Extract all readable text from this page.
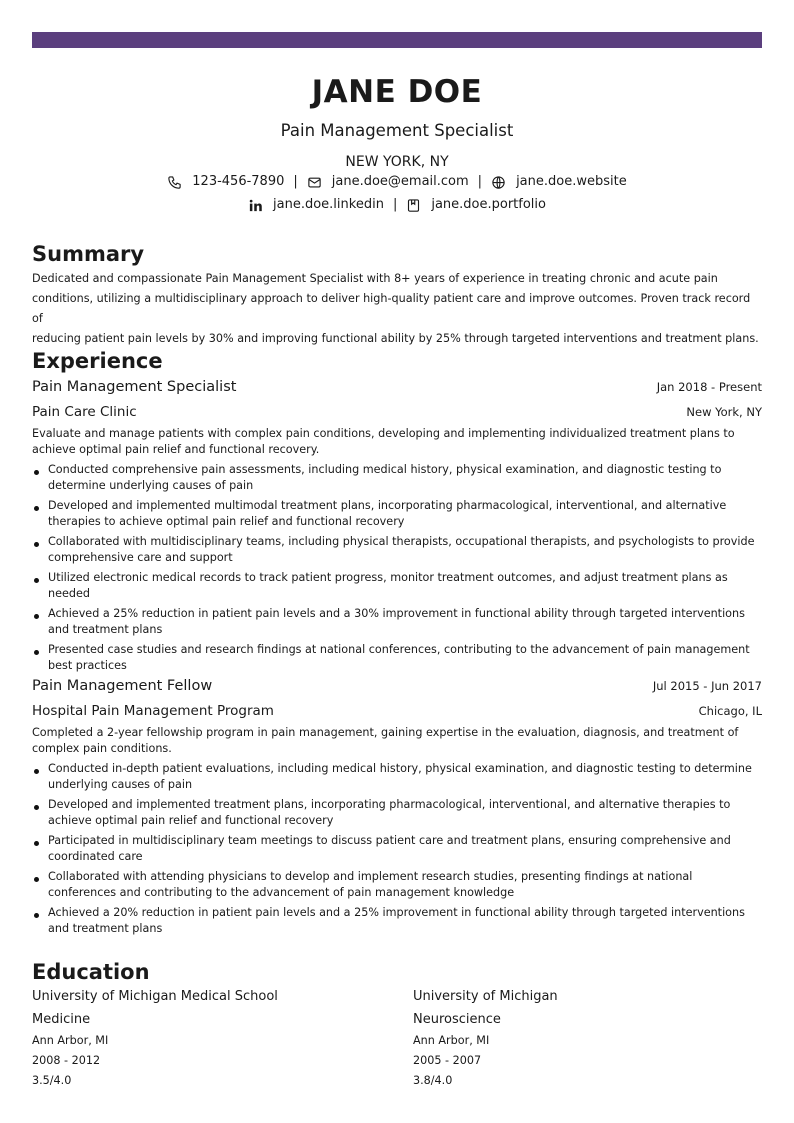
JANE DOE
Pain Management Specialist
NEW YORK, NY
123-456-7890 |	jane.doe@email.com |	jane.doe.website
jane.doe.linkedin |	jane.doe.portfolio
Summary
Dedicated and compassionate Pain Management Specialist with 8+ years of experience in treating chronic and acute pain
conditions, utilizing a multidisciplinary approach to deliver high-quality patient care and improve outcomes. Proven track record of
reducing patient pain levels by 30% and improving functional ability by 25% through targeted interventions and treatment plans.
Experience
Pain Management Specialist	Jan 2018 - Present
Pain Care Clinic	New York, NY
Evaluate and manage patients with complex pain conditions, developing and implementing individualized treatment plans to achieve optimal pain relief and functional recovery.
Conducted comprehensive pain assessments, including medical history, physical examination, and diagnostic testing to determine underlying causes of pain
Developed and implemented multimodal treatment plans, incorporating pharmacological, interventional, and alternative therapies to achieve optimal pain relief and functional recovery
Collaborated with multidisciplinary teams, including physical therapists, occupational therapists, and psychologists to provide comprehensive care and support
Utilized electronic medical records to track patient progress, monitor treatment outcomes, and adjust treatment plans as needed
Achieved a 25% reduction in patient pain levels and a 30% improvement in functional ability through targeted interventions and treatment plans
Presented case studies and research findings at national conferences, contributing to the advancement of pain management best practices
Pain Management Fellow	Jul 2015 - Jun 2017
Hospital Pain Management Program	Chicago, IL
Completed a 2-year fellowship program in pain management, gaining expertise in the evaluation, diagnosis, and treatment of complex pain conditions.
Conducted in-depth patient evaluations, including medical history, physical examination, and diagnostic testing to determine underlying causes of pain
Developed and implemented treatment plans, incorporating pharmacological, interventional, and alternative therapies to achieve optimal pain relief and functional recovery
Participated in multidisciplinary team meetings to discuss patient care and treatment plans, ensuring comprehensive and coordinated care
Collaborated with attending physicians to develop and implement research studies, presenting findings at national conferences and contributing to the advancement of pain management knowledge
Achieved a 20% reduction in patient pain levels and a 25% improvement in functional ability through targeted interventions and treatment plans
Education
University of Michigan Medical School
Medicine
Ann Arbor, MI
2008 - 2012
3.5/4.0
University of Michigan
Neuroscience
Ann Arbor, MI
2005 - 2007
3.8/4.0
